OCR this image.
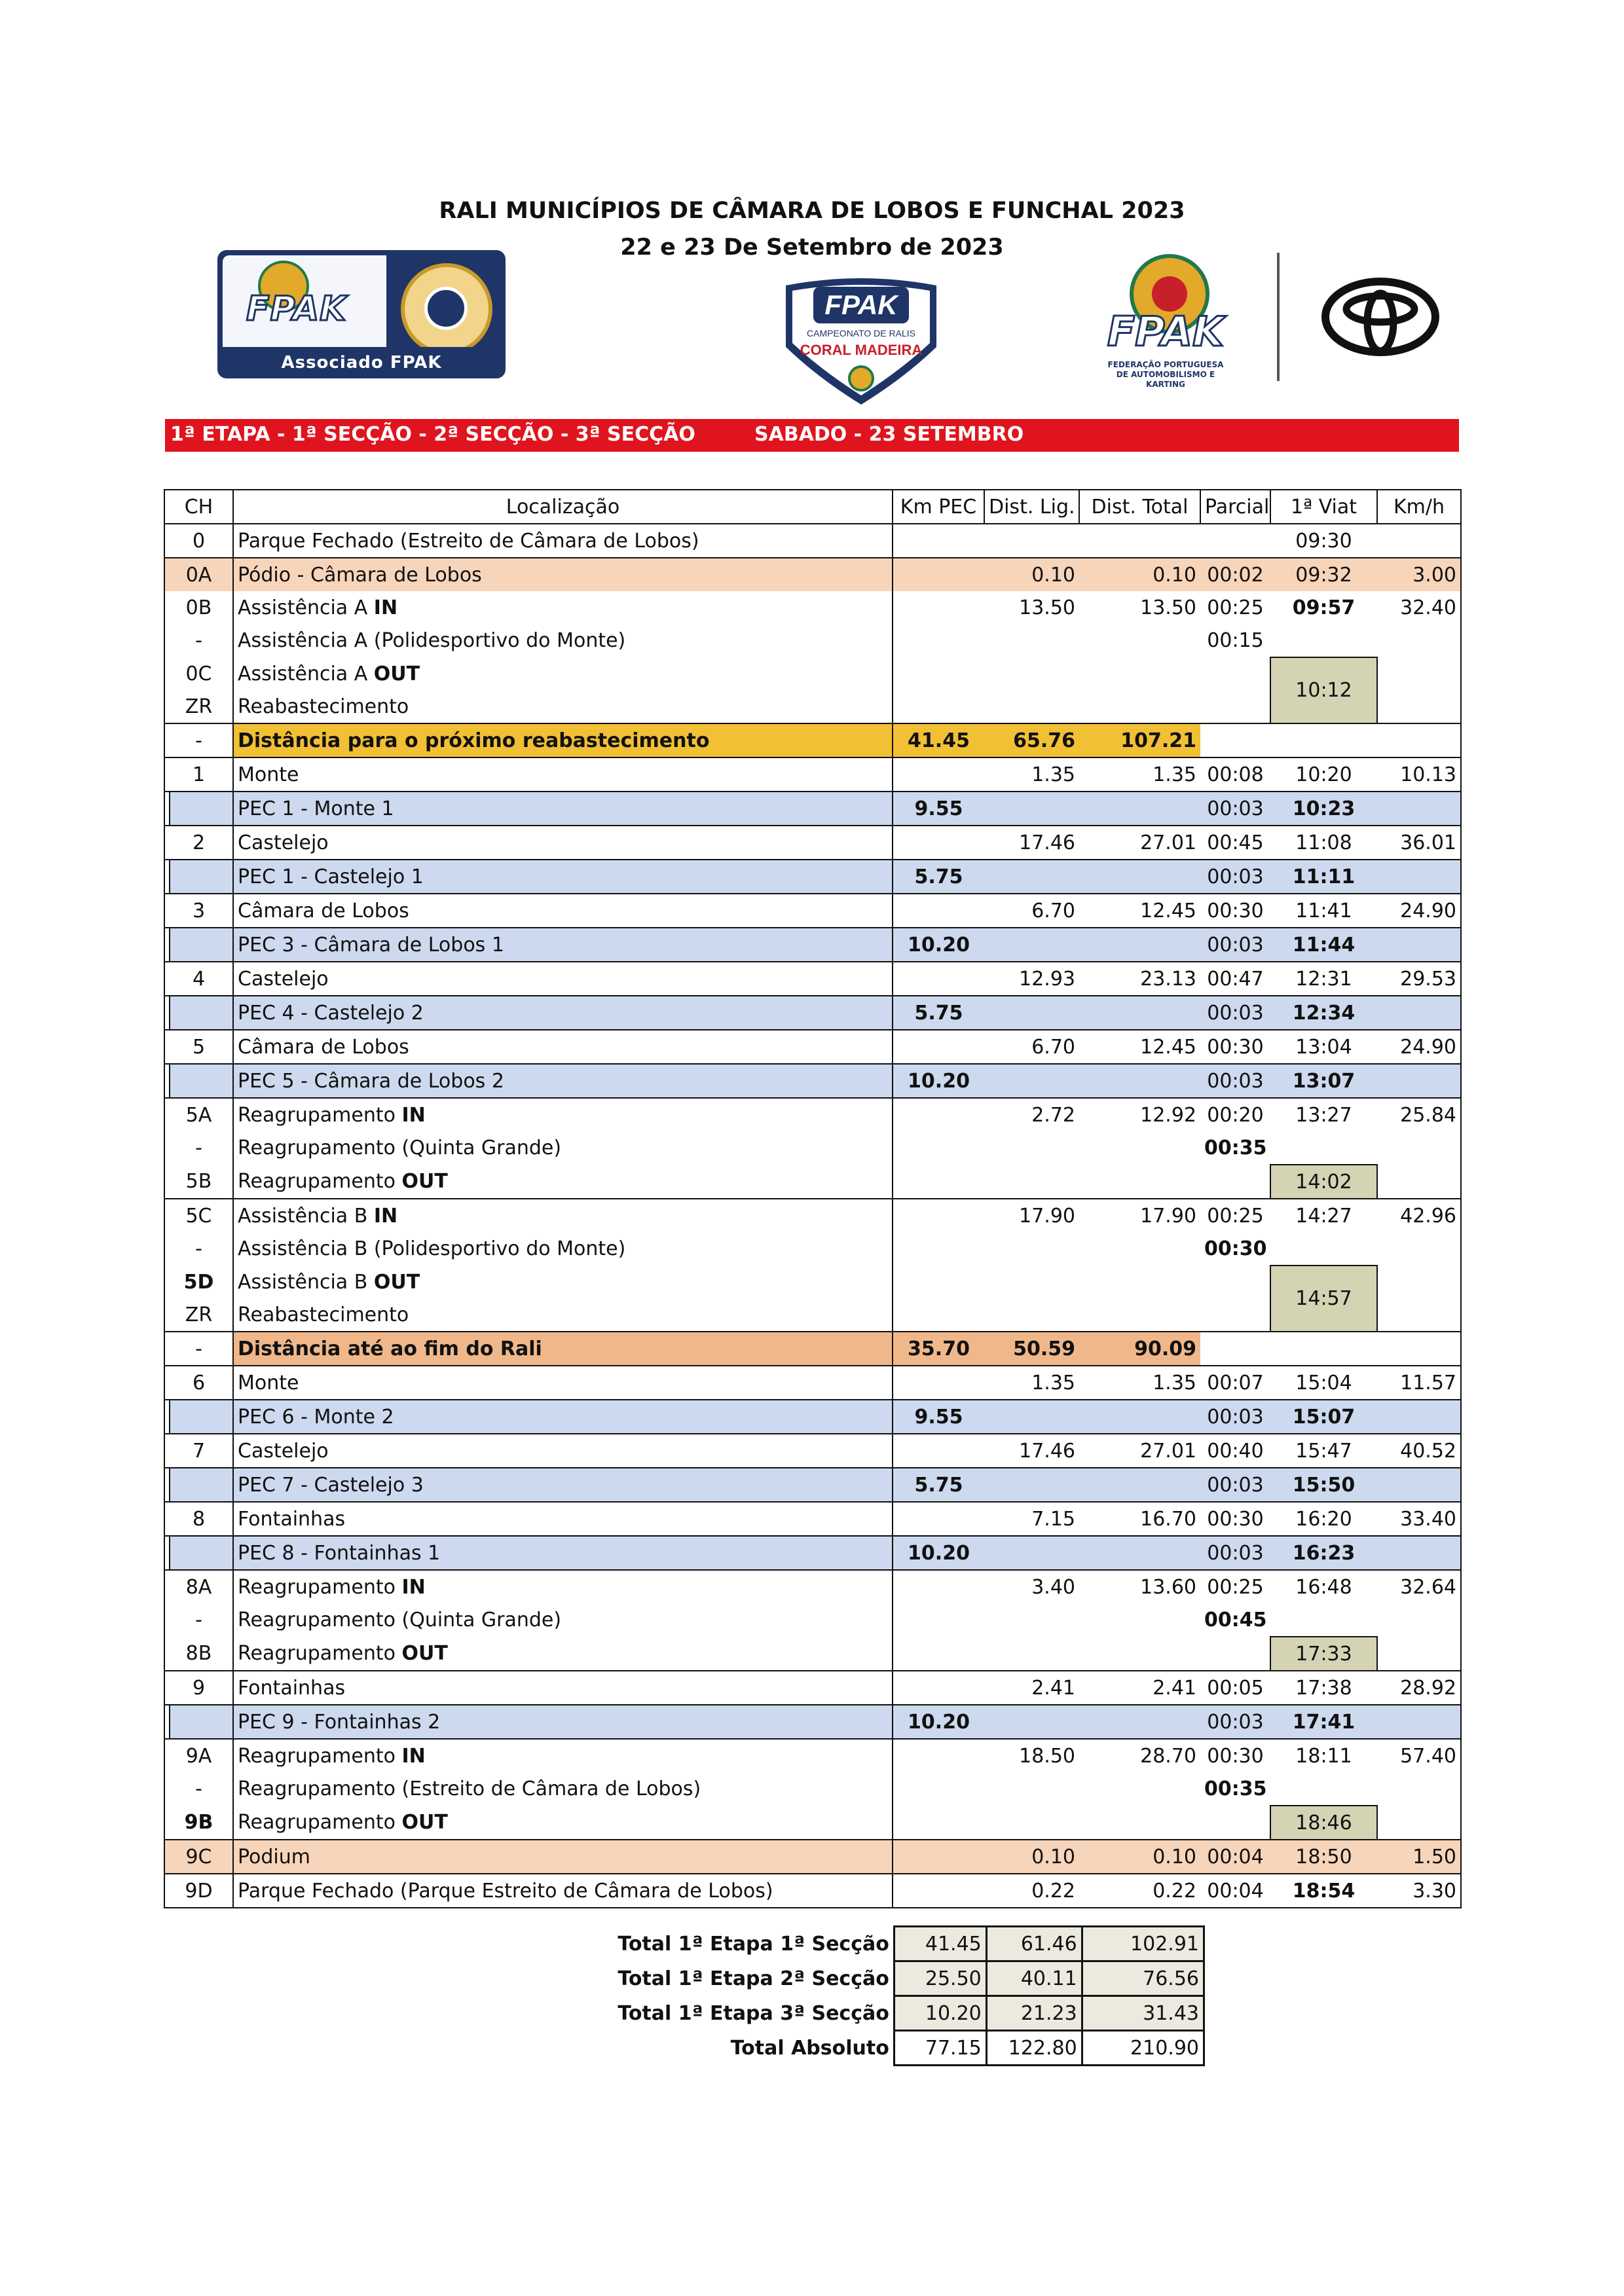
RALI MUNICÍPIOS DE CÂMARA DE LOBOS E FUNCHAL 2023
22 e 23 De Setembro de 2023
FPAK
Associado FPAK
FPAK
CAMPEONATO DE RALIS
CORAL MADEIRA	FPAK
FEDERAÇÃO PORTUGUESA
DE AUTOMOBILISMO E KARTING
1ª ETAPA - 1ª SECÇÃO - 2ª SECÇÃO - 3ª SECÇÃO	SABADO - 23 SETEMBRO
CH	Localização	Km PEC	Dist. Lig.	Dist. Total	Parcial	1ª Viat	Km/h
0	Parque Fechado (Estreito de Câmara de Lobos)					09:30	
0A	Pódio - Câmara de Lobos		0.10	0.10	00:02	09:32	3.00
0B	Assistência A IN		13.50	13.50	00:25	09:57	32.40
-	Assistência A (Polidesportivo do Monte)				00:15		
0C	Assistência A OUT					10:12	
ZR	Reabastecimento						
-	Distância para o próximo reabastecimento	41.45	65.76	107.21			
1	Monte		1.35	1.35	00:08	10:20	10.13
	PEC 1 - Monte 1	9.55			00:03	10:23	
2	Castelejo		17.46	27.01	00:45	11:08	36.01
	PEC 1 - Castelejo 1	5.75			00:03	11:11	
3	Câmara de Lobos		6.70	12.45	00:30	11:41	24.90
	PEC 3 - Câmara de Lobos 1	10.20			00:03	11:44	
4	Castelejo		12.93	23.13	00:47	12:31	29.53
	PEC 4 - Castelejo 2	5.75			00:03	12:34	
5	Câmara de Lobos		6.70	12.45	00:30	13:04	24.90
	PEC 5 - Câmara de Lobos 2	10.20			00:03	13:07	
5A	Reagrupamento IN		2.72	12.92	00:20	13:27	25.84
-	Reagrupamento (Quinta Grande)				00:35		
5B	Reagrupamento OUT					14:02	
5C	Assistência B IN		17.90	17.90	00:25	14:27	42.96
-	Assistência B (Polidesportivo do Monte)				00:30		
5D	Assistência B OUT					14:57	
ZR	Reabastecimento						
-	Distância até ao fim do Rali	35.70	50.59	90.09			
6	Monte		1.35	1.35	00:07	15:04	11.57
	PEC 6 - Monte 2	9.55			00:03	15:07	
7	Castelejo		17.46	27.01	00:40	15:47	40.52
	PEC 7 - Castelejo 3	5.75			00:03	15:50	
8	Fontainhas		7.15	16.70	00:30	16:20	33.40
	PEC 8 - Fontainhas 1	10.20			00:03	16:23	
8A	Reagrupamento IN		3.40	13.60	00:25	16:48	32.64
-	Reagrupamento (Quinta Grande)				00:45		
8B	Reagrupamento OUT					17:33	
9	Fontainhas		2.41	2.41	00:05	17:38	28.92
	PEC 9 - Fontainhas 2	10.20			00:03	17:41	
9A	Reagrupamento IN		18.50	28.70	00:30	18:11	57.40
-	Reagrupamento (Estreito de Câmara de Lobos)				00:35		
9B	Reagrupamento OUT					18:46	
9C	Podium		0.10	0.10	00:04	18:50	1.50
9D	Parque Fechado (Parque Estreito de Câmara de Lobos)		0.22	0.22	00:04	18:54	3.30
Total 1ª Etapa 1ª Secção	41.45	61.46	102.91
Total 1ª Etapa 2ª Secção	25.50	40.11	76.56
Total 1ª Etapa 3ª Secção	10.20	21.23	31.43
Total Absoluto	77.15	122.80	210.90
